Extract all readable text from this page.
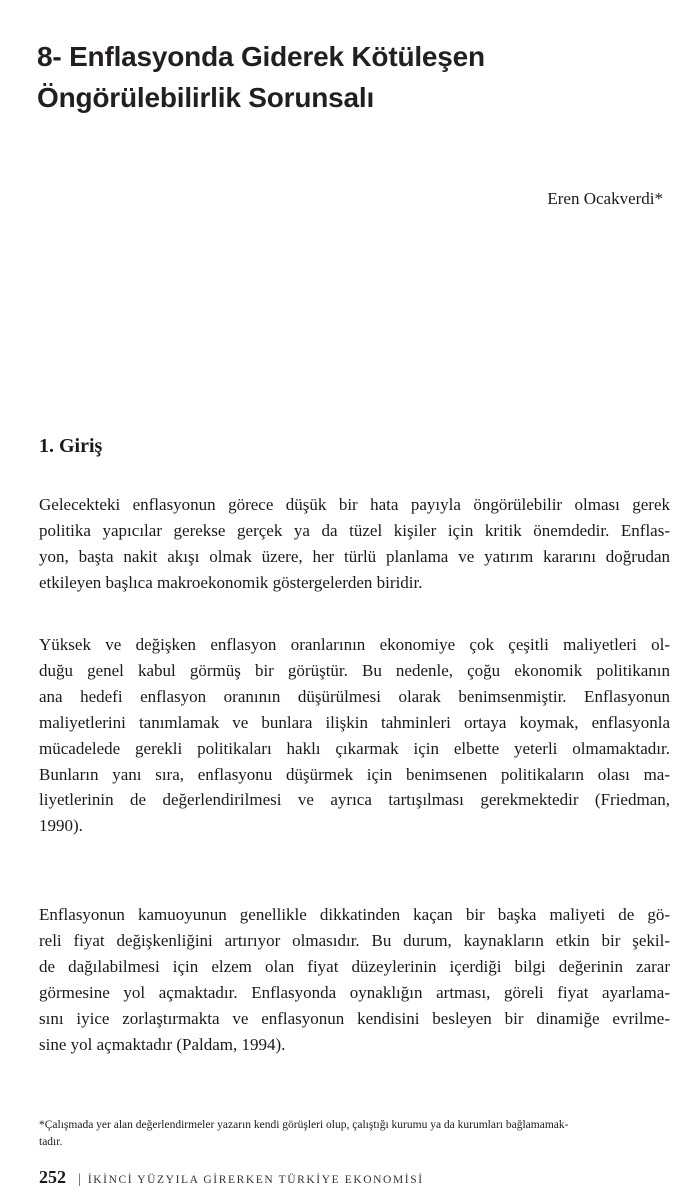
8- Enflasyonda Giderek Kötüleşen
Öngörülebilirlik Sorunsalı
Eren Ocakverdi*
1. Giriş
Gelecekteki enflasyonun görece düşük bir hata payıyla öngörülebilir olması gerek
politika yapıcılar gerekse gerçek ya da tüzel kişiler için kritik önemdedir. Enflas-
yon, başta nakit akışı olmak üzere, her türlü planlama ve yatırım kararını doğrudan
etkileyen başlıca makroekonomik göstergelerden biridir.
Yüksek ve değişken enflasyon oranlarının ekonomiye çok çeşitli maliyetleri ol-
duğu genel kabul görmüş bir görüştür. Bu nedenle, çoğu ekonomik politikanın
ana hedefi enflasyon oranının düşürülmesi olarak benimsenmiştir. Enflasyonun
maliyetlerini tanımlamak ve bunlara ilişkin tahminleri ortaya koymak, enflasyonla
mücadelede gerekli politikaları haklı çıkarmak için elbette yeterli olmamaktadır.
Bunların yanı sıra, enflasyonu düşürmek için benimsenen politikaların olası ma-
liyetlerinin de değerlendirilmesi ve ayrıca tartışılması gerekmektedir (Friedman,
1990).
Enflasyonun kamuoyunun genellikle dikkatinden kaçan bir başka maliyeti de gö-
reli fiyat değişkenliğini artırıyor olmasıdır. Bu durum, kaynakların etkin bir şekil-
de dağılabilmesi için elzem olan fiyat düzeylerinin içerdiği bilgi değerinin zarar
görmesine yol açmaktadır. Enflasyonda oynaklığın artması, göreli fiyat ayarlama-
sını iyice zorlaştırmakta ve enflasyonun kendisini besleyen bir dinamiğe evrilme-
sine yol açmaktadır (Paldam, 1994).
*Çalışmada yer alan değerlendirmeler yazarın kendi görüşleri olup, çalıştığı kurumu ya da kurumları bağlamamak-
tadır.
252 | İKİNCİ YÜZYILA GİRERKEN TÜRKİYE EKONOMİSİ
